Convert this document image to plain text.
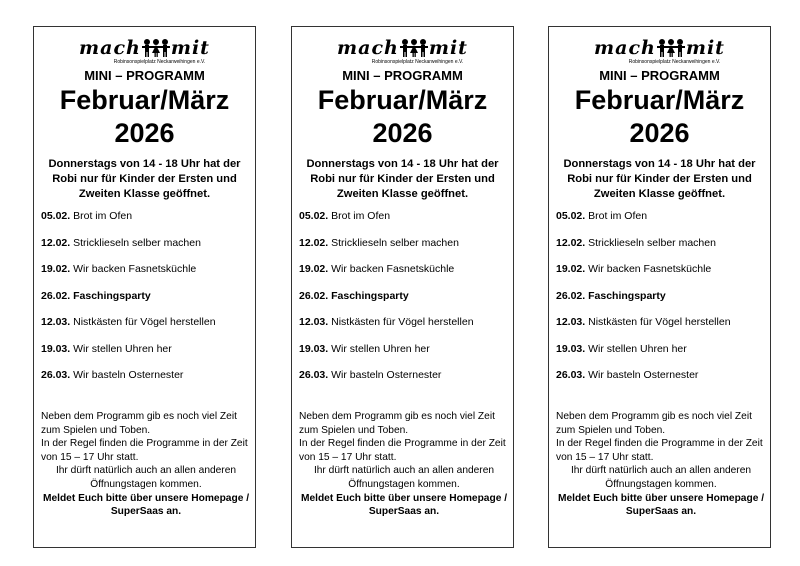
mach mit
Robinsonspielplatz Neckarweihingen e.V.
MINI – PROGRAMM
Februar/März
2026
Donnerstags von 14 - 18 Uhr hat der Robi nur für Kinder der Ersten und Zweiten Klasse geöffnet.
05.02. Brot im Ofen
12.02. Stricklieseln selber machen
19.02. Wir backen Fasnetsküchle
26.02. Faschingsparty
12.03. Nistkästen für Vögel herstellen
19.03. Wir stellen Uhren her
26.03. Wir basteln Osternester
Neben dem Programm gib es noch viel Zeit zum Spielen und Toben.
In der Regel finden die Programme in der Zeit von 15 – 17 Uhr statt.
Ihr dürft natürlich auch an allen anderen Öffnungstagen kommen.
Meldet Euch bitte über unsere Homepage / SuperSaas an.
mach mit
Robinsonspielplatz Neckarweihingen e.V.
MINI – PROGRAMM
Februar/März
2026
Donnerstags von 14 - 18 Uhr hat der Robi nur für Kinder der Ersten und Zweiten Klasse geöffnet.
05.02. Brot im Ofen
12.02. Stricklieseln selber machen
19.02. Wir backen Fasnetsküchle
26.02. Faschingsparty
12.03. Nistkästen für Vögel herstellen
19.03. Wir stellen Uhren her
26.03. Wir basteln Osternester
Neben dem Programm gib es noch viel Zeit zum Spielen und Toben.
In der Regel finden die Programme in der Zeit von 15 – 17 Uhr statt.
Ihr dürft natürlich auch an allen anderen Öffnungstagen kommen.
Meldet Euch bitte über unsere Homepage / SuperSaas an.
mach mit
Robinsonspielplatz Neckarweihingen e.V.
MINI – PROGRAMM
Februar/März
2026
Donnerstags von 14 - 18 Uhr hat der Robi nur für Kinder der Ersten und Zweiten Klasse geöffnet.
05.02. Brot im Ofen
12.02. Stricklieseln selber machen
19.02. Wir backen Fasnetsküchle
26.02. Faschingsparty
12.03. Nistkästen für Vögel herstellen
19.03. Wir stellen Uhren her
26.03. Wir basteln Osternester
Neben dem Programm gib es noch viel Zeit zum Spielen und Toben.
In der Regel finden die Programme in der Zeit von 15 – 17 Uhr statt.
Ihr dürft natürlich auch an allen anderen Öffnungstagen kommen.
Meldet Euch bitte über unsere Homepage / SuperSaas an.
